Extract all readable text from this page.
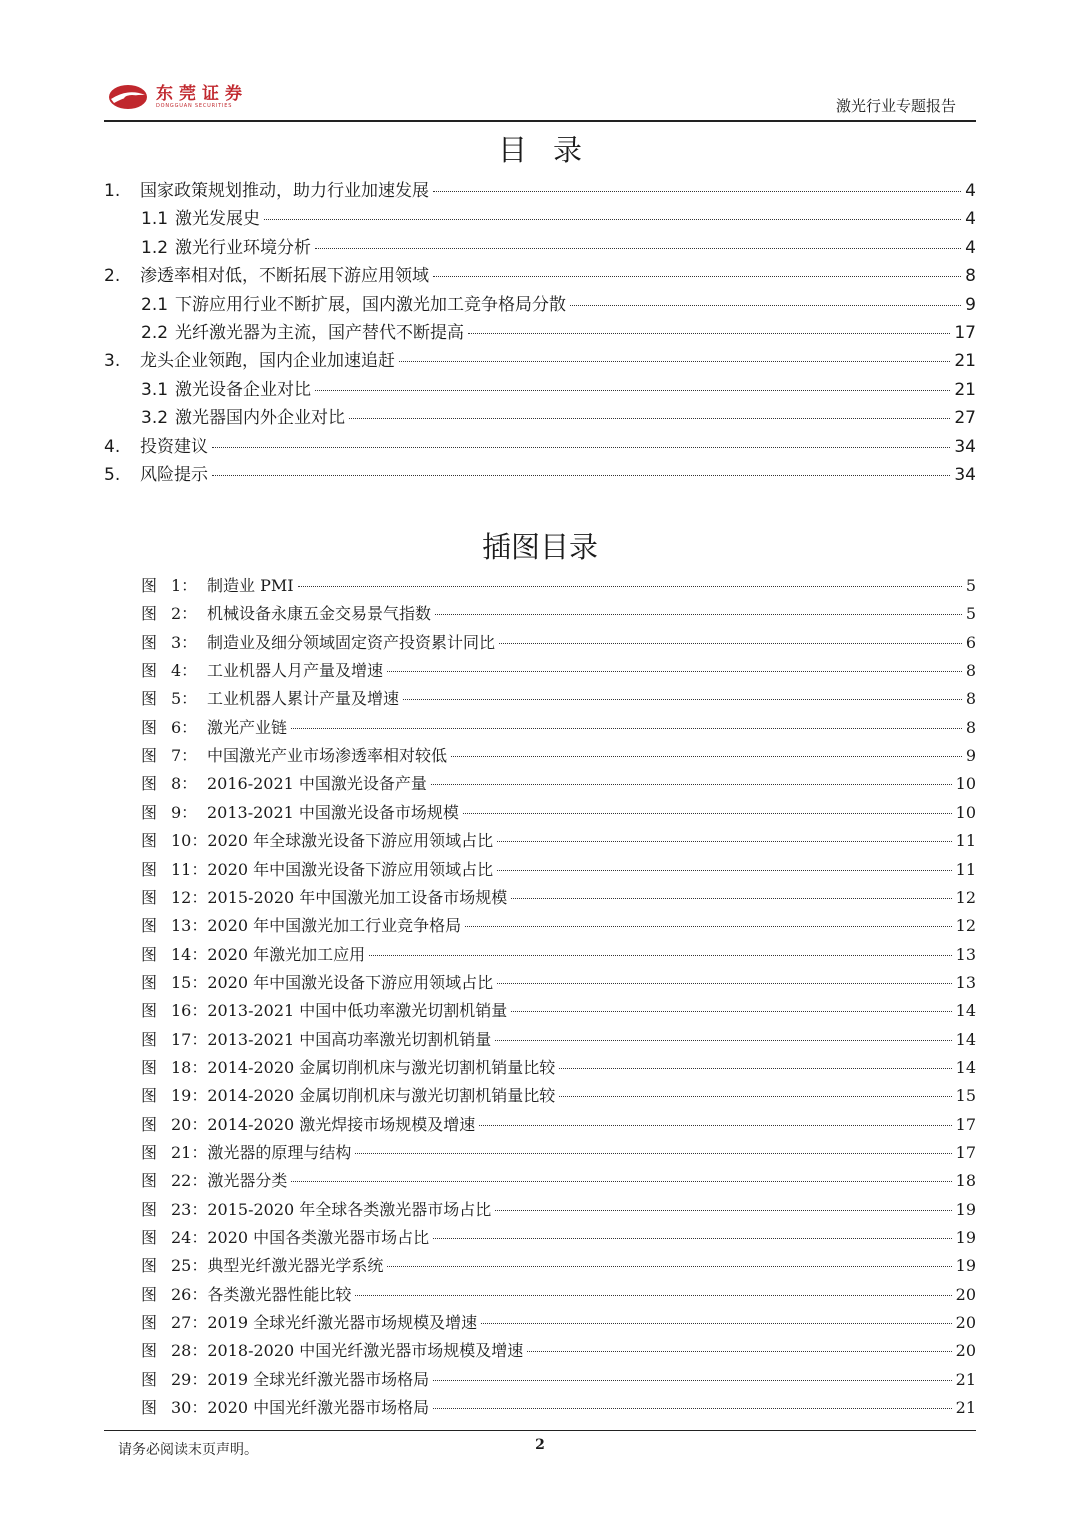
东莞证券
DONGGUAN SECURITIES	激光行业专题报告
目录
1.	国家政策规划推动，助力行业加速发展	4
1.1 激光发展史	4
1.2 激光行业环境分析	4
2.	渗透率相对低，不断拓展下游应用领域	8
2.1 下游应用行业不断扩展，国内激光加工竞争格局分散	9
2.2 光纤激光器为主流，国产替代不断提高	17
3.	龙头企业领跑，国内企业加速追赶	21
3.1 激光设备企业对比	21
3.2 激光器国内外企业对比	27
4.	投资建议	34
5.	风险提示	34
插图目录
图 1： 制造业 PMI	5
图 2： 机械设备永康五金交易景气指数	5
图 3： 制造业及细分领域固定资产投资累计同比	6
图 4： 工业机器人月产量及增速	8
图 5： 工业机器人累计产量及增速	8
图 6： 激光产业链	8
图 7： 中国激光产业市场渗透率相对较低	9
图 8： 2016-2021 中国激光设备产量	10
图 9： 2013-2021 中国激光设备市场规模	10
图 10： 2020 年全球激光设备下游应用领域占比	11
图 11： 2020 年中国激光设备下游应用领域占比	11
图 12： 2015-2020 年中国激光加工设备市场规模	12
图 13： 2020 年中国激光加工行业竞争格局	12
图 14： 2020 年激光加工应用	13
图 15： 2020 年中国激光设备下游应用领域占比	13
图 16： 2013-2021 中国中低功率激光切割机销量	14
图 17： 2013-2021 中国高功率激光切割机销量	14
图 18： 2014-2020 金属切削机床与激光切割机销量比较	14
图 19： 2014-2020 金属切削机床与激光切割机销量比较	15
图 20： 2014-2020 激光焊接市场规模及增速	17
图 21： 激光器的原理与结构	17
图 22： 激光器分类	18
图 23： 2015-2020 年全球各类激光器市场占比	19
图 24： 2020 中国各类激光器市场占比	19
图 25： 典型光纤激光器光学系统	19
图 26： 各类激光器性能比较	20
图 27： 2019 全球光纤激光器市场规模及增速	20
图 28： 2018-2020 中国光纤激光器市场规模及增速	20
图 29： 2019 全球光纤激光器市场格局	21
图 30： 2020 中国光纤激光器市场格局	21
请务必阅读末页声明。	2
